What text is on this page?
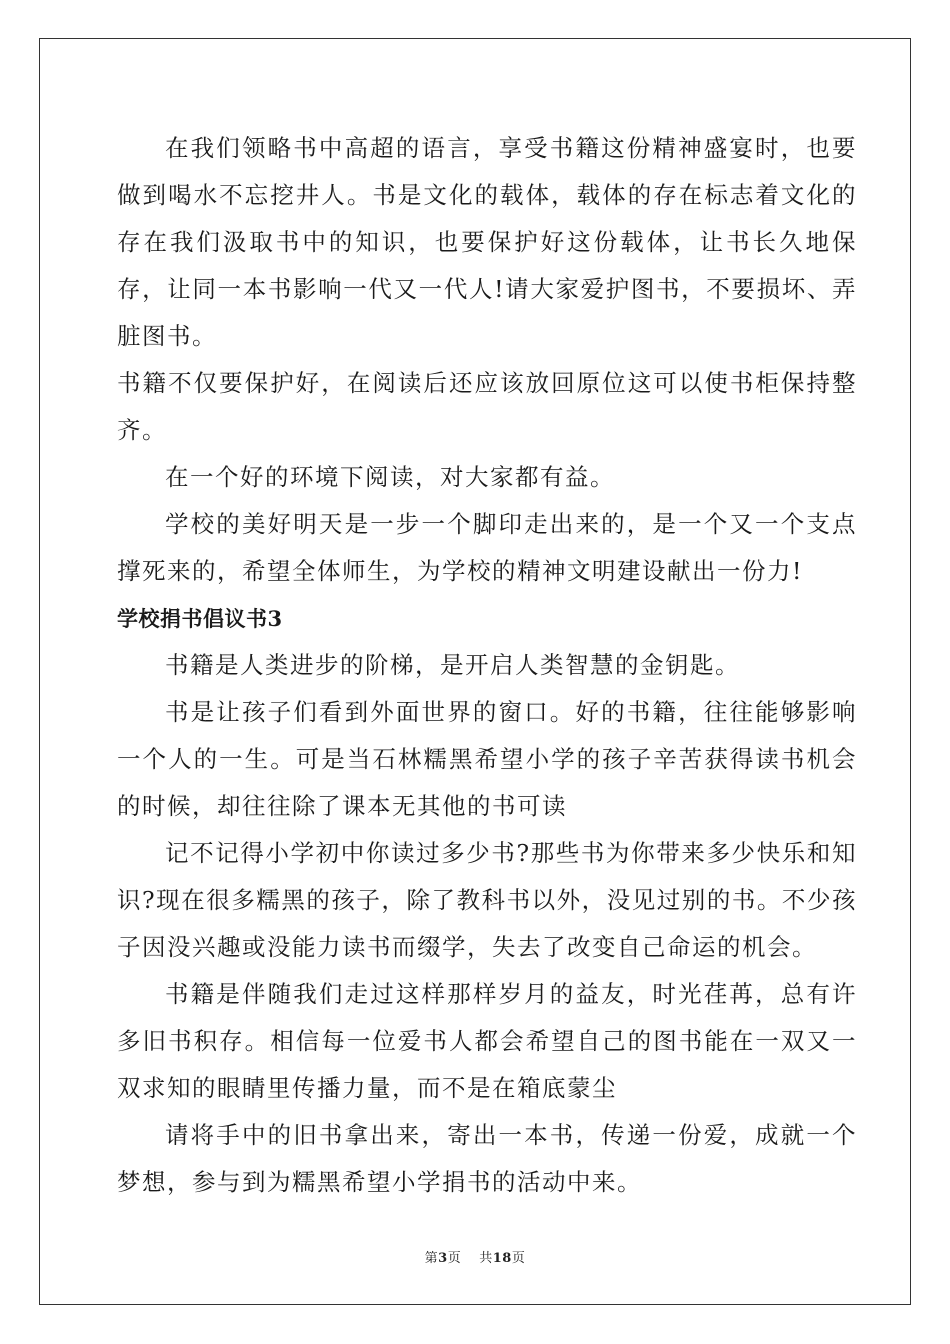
在我们领略书中高超的语言，享受书籍这份精神盛宴时，也要做到喝水不忘挖井人。书是文化的载体，载体的存在标志着文化的存在我们汲取书中的知识，也要保护好这份载体，让书长久地保存，让同一本书影响一代又一代人!请大家爱护图书，不要损坏、弄脏图书。

书籍不仅要保护好，在阅读后还应该放回原位这可以使书柜保持整齐。

在一个好的环境下阅读，对大家都有益。

学校的美好明天是一步一个脚印走出来的，是一个又一个支点撑死来的，希望全体师生，为学校的精神文明建设献出一份力!

学校捐书倡议书3

书籍是人类进步的阶梯，是开启人类智慧的金钥匙。

书是让孩子们看到外面世界的窗口。好的书籍，往往能够影响一个人的一生。可是当石林糯黑希望小学的孩子辛苦获得读书机会的时候，却往往除了课本无其他的书可读

记不记得小学初中你读过多少书?那些书为你带来多少快乐和知识?现在很多糯黑的孩子，除了教科书以外，没见过别的书。不少孩子因没兴趣或没能力读书而缀学，失去了改变自己命运的机会。

书籍是伴随我们走过这样那样岁月的益友，时光荏苒，总有许多旧书积存。相信每一位爱书人都会希望自己的图书能在一双又一双求知的眼睛里传播力量，而不是在箱底蒙尘

请将手中的旧书拿出来，寄出一本书，传递一份爱，成就一个梦想，参与到为糯黑希望小学捐书的活动中来。

第3页 共18页
